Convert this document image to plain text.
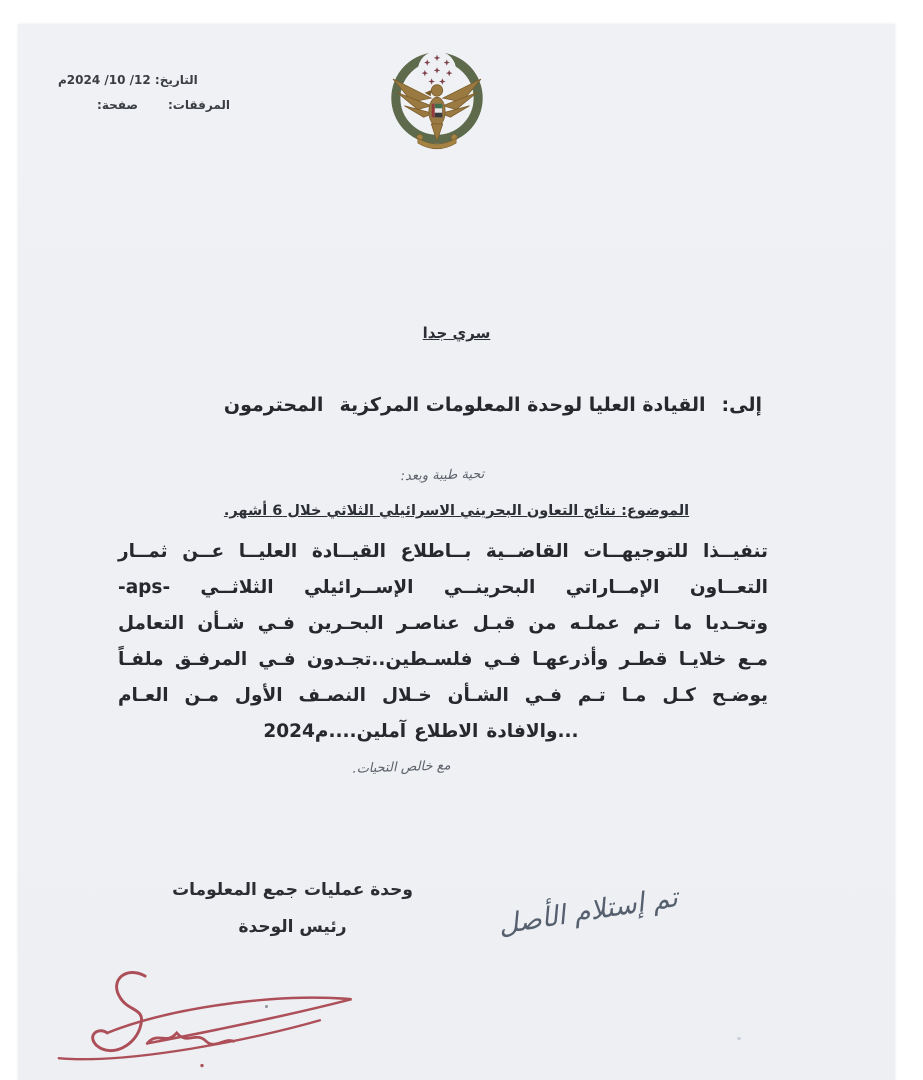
التاريخ: 12/ 10/ 2024م
المرفقات:
صفحة:
سري جدا
إلى:
القيادة العليا لوحدة المعلومات المركزية
المحترمون
تحية طيبة وبعد:
الموضوع: نتائج التعاون البحريني الاسرائيلي الثلاثي خلال 6 أشهر.
تنفيــذا للتوجيهــات القاضــية بــاطلاع القيــادة العليــا عــن ثمــار
التعــاون الإمــاراتي البحرينــي الإســرائيلي الثلاثــي -aps-
وتحـديا ما تـم عملـه من قبـل عناصـر البحـرين فـي شـأن التعامل
مـع خلايـا قطـر وأذرعهـا فـي فلسـطين..تجـدون فـي المرفـق ملفـاً
يوضـح كـل مـا تـم فـي الشـأن خـلال النصـف الأول مـن العـام
2024م .... آملين الاطلاع والافادة...
مع خالص التحيات.
وحدة عمليات جمع المعلومات
رئيس الوحدة	تم إستلام الأصل
